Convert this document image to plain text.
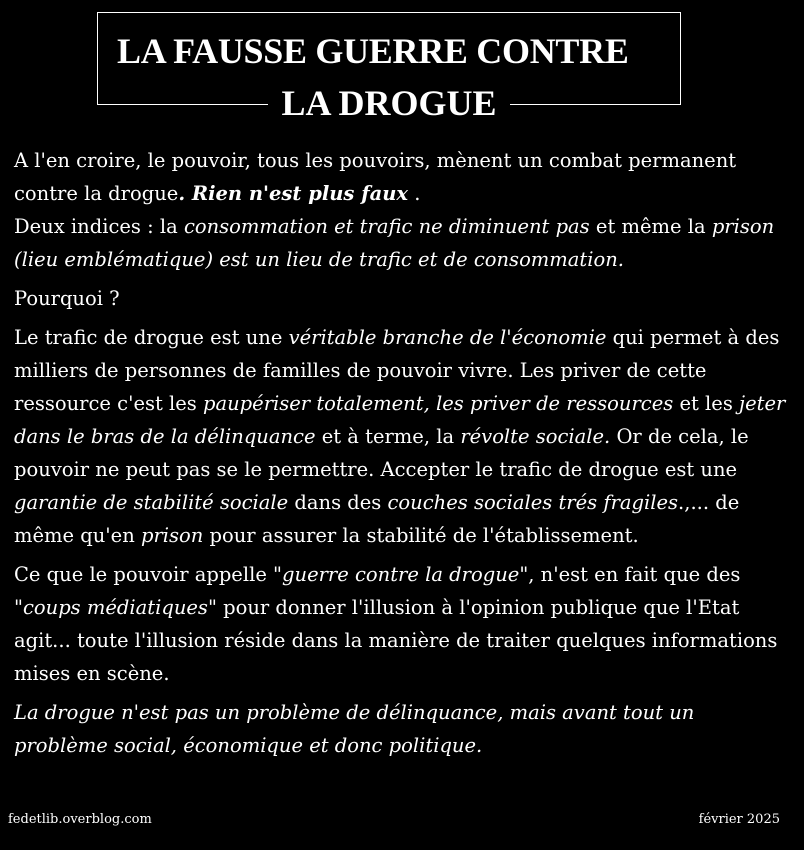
LA FAUSSE GUERRE CONTRE
LA DROGUE

A l'en croire, le pouvoir, tous les pouvoirs, mènent un combat permanent contre la drogue. Rien n'est plus faux .
Deux indices : la consommation et trafic ne diminuent pas et même la prison (lieu emblématique) est un lieu de trafic et de consommation.

Pourquoi ?

Le trafic de drogue est une véritable branche de l'économie qui permet à des milliers de personnes de familles de pouvoir vivre. Les priver de cette ressource c'est les paupériser totalement, les priver de ressources et les jeter dans le bras de la délinquance et à terme, la révolte sociale. Or de cela, le pouvoir ne peut pas se le permettre. Accepter le trafic de drogue est une garantie de stabilité sociale dans des couches sociales trés fragiles.,... de même qu'en prison pour assurer la stabilité de l'établissement.

Ce que le pouvoir appelle "guerre contre la drogue", n'est en fait que des "coups médiatiques" pour donner l'illusion à l'opinion publique que l'Etat agit... toute l'illusion réside dans la manière de traiter quelques informations mises en scène.

La drogue n'est pas un problème de délinquance, mais avant tout un problème social, économique et donc politique.

fedetlib.overblog.com	février 2025
